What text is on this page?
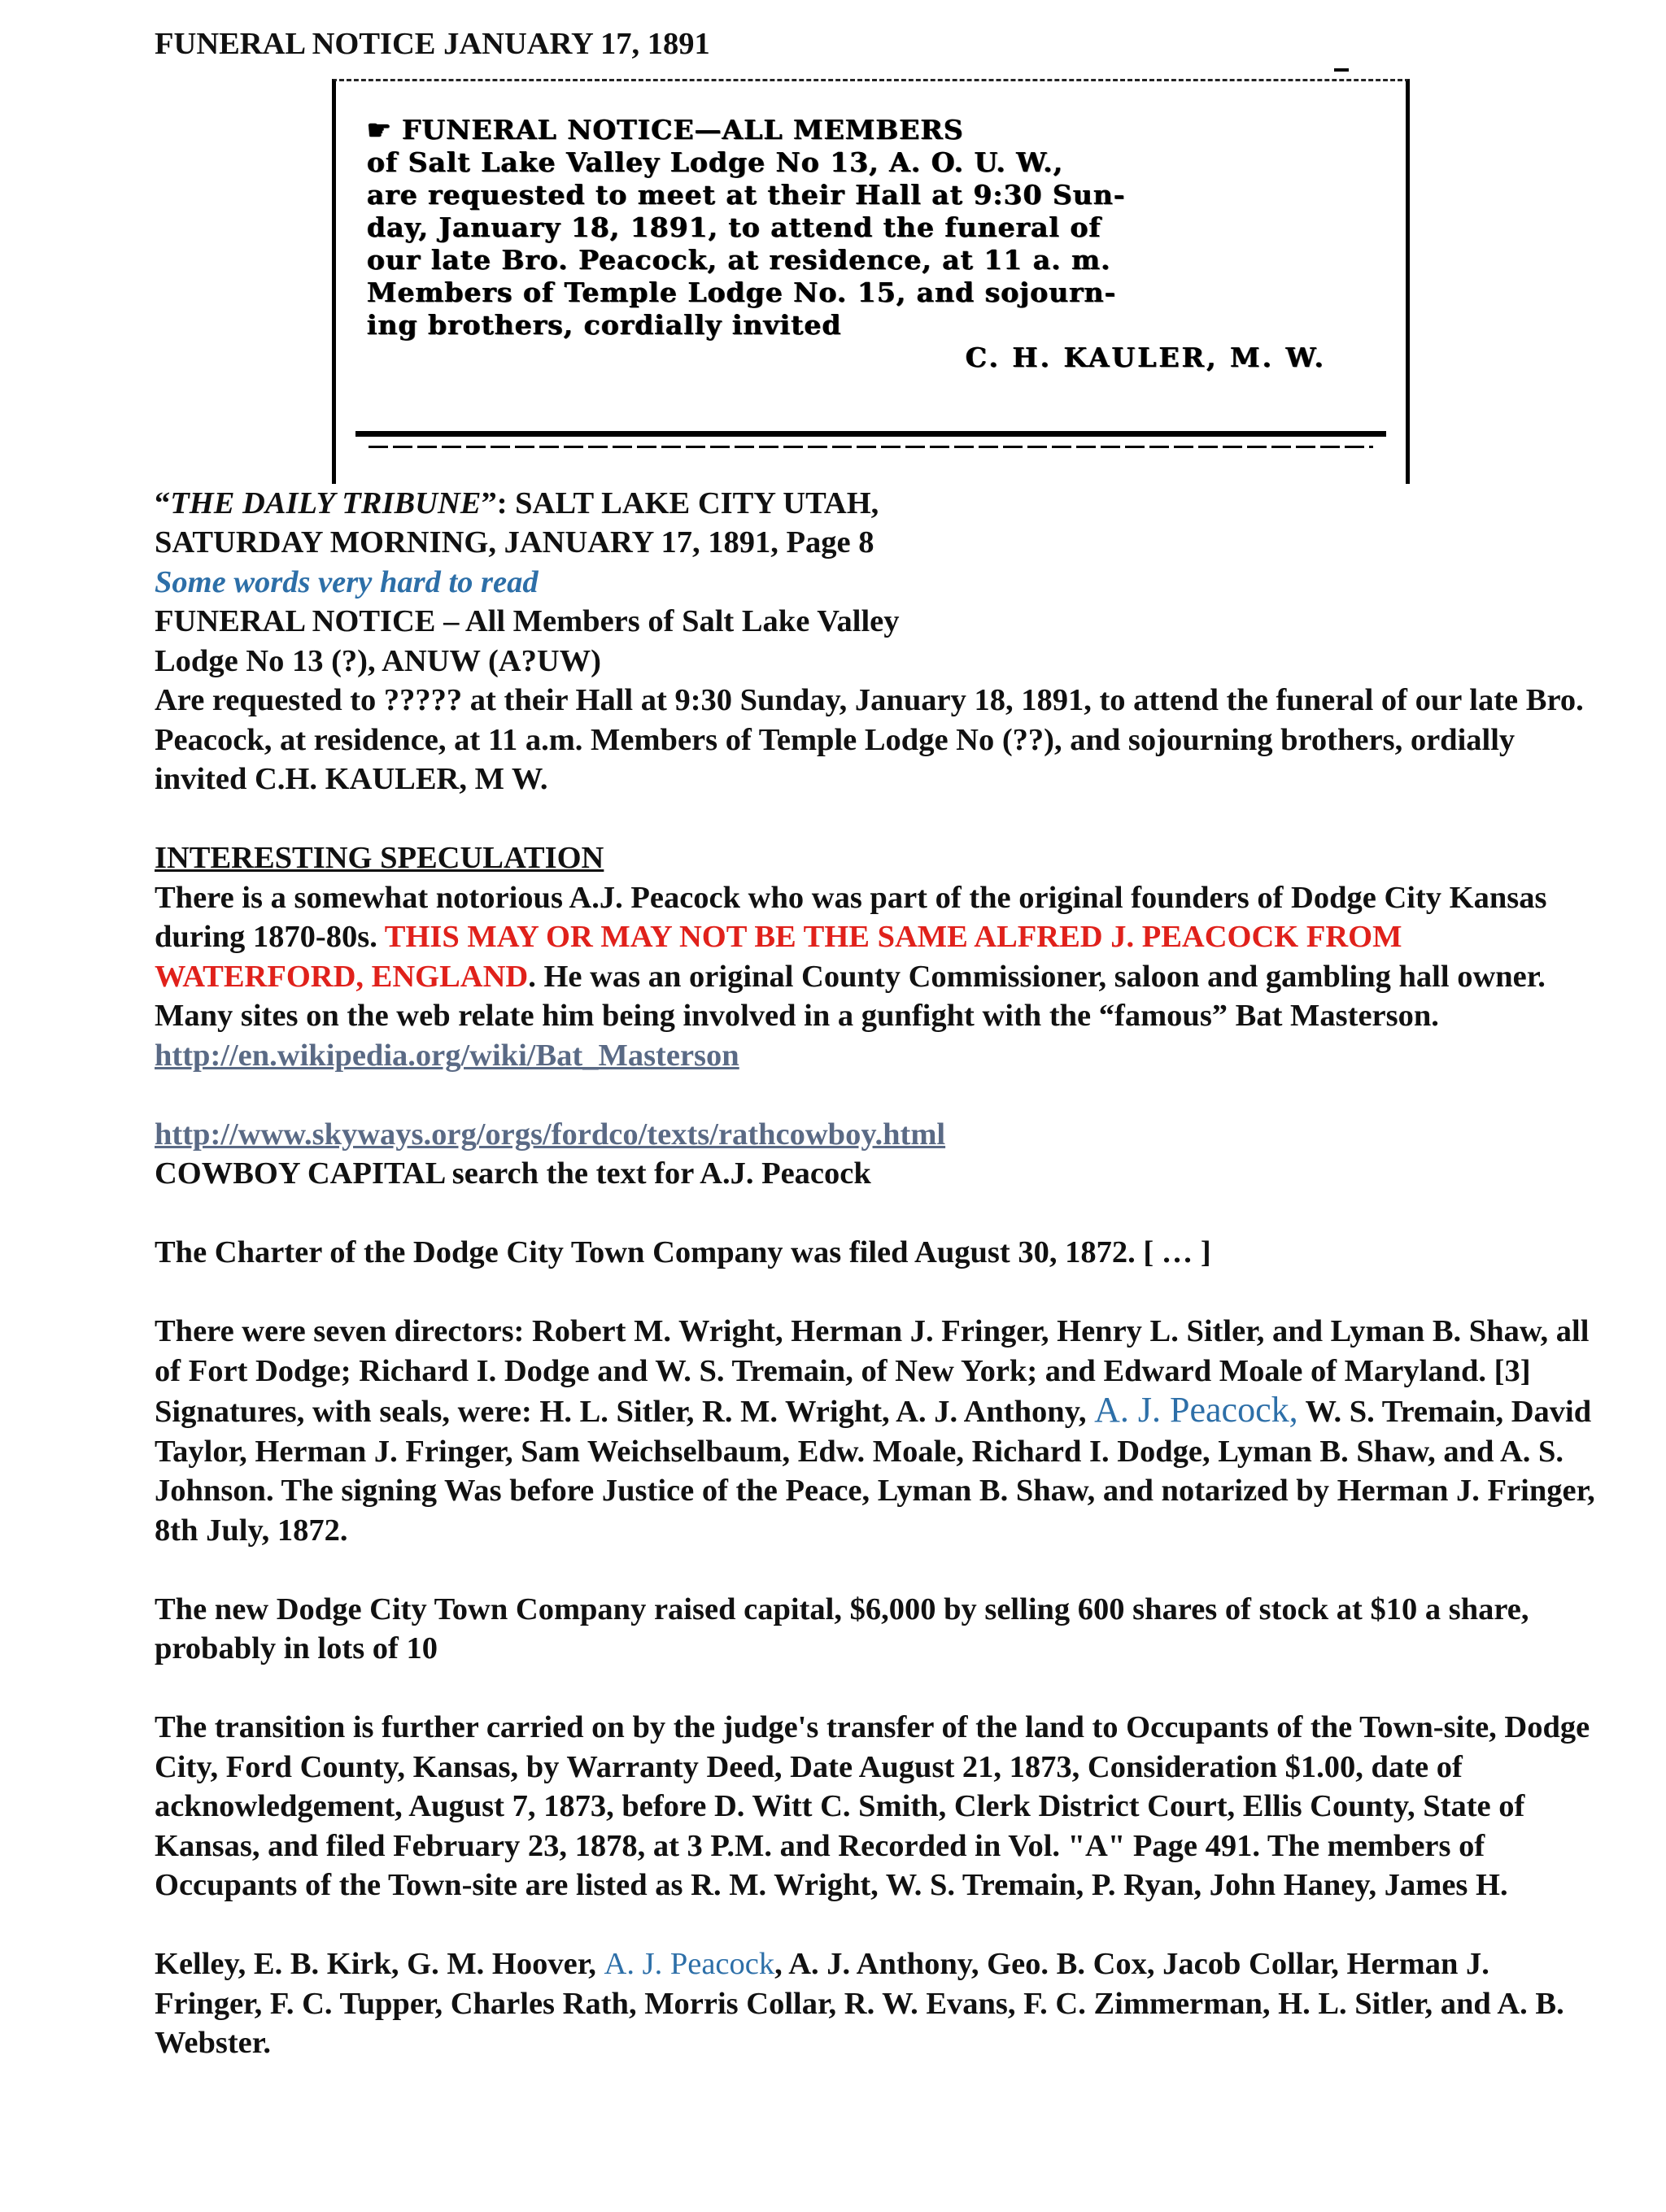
FUNERAL NOTICE JANUARY 17, 1891

☛ FUNERAL NOTICE—ALL MEMBERS
of Salt Lake Valley Lodge No 13, A. O. U. W.,
are requested to meet at their Hall at 9:30 Sun-
day, January 18, 1891, to attend the funeral of
our late Bro. Peacock, at residence, at 11 a. m.
Members of Temple Lodge No. 15, and sojourn-
ing brothers, cordially invited
C. H. KAULER, M. W.

“THE DAILY TRIBUNE”: SALT LAKE CITY UTAH,

SATURDAY MORNING, JANUARY 17, 1891, Page 8

Some words very hard to read

FUNERAL NOTICE – All Members of Salt Lake Valley

Lodge No 13 (?), ANUW (A?UW)

Are requested to ????? at their Hall at 9:30 Sunday, January 18, 1891, to attend the funeral of our late Bro. Peacock, at residence, at 11 a.m. Members of Temple Lodge No (??), and sojourning brothers, ordially invited C.H. KAULER, M W.

INTERESTING SPECULATION

There is a somewhat notorious A.J. Peacock who was part of the original founders of Dodge City Kansas during 1870-80s. THIS MAY OR MAY NOT BE THE SAME ALFRED J. PEACOCK FROM WATERFORD, ENGLAND. He was an original County Commissioner, saloon and gambling hall owner. Many sites on the web relate him being involved in a gunfight with the “famous” Bat Masterson.

http://en.wikipedia.org/wiki/Bat_Masterson

http://www.skyways.org/orgs/fordco/texts/rathcowboy.html

COWBOY CAPITAL search the text for A.J. Peacock

The Charter of the Dodge City Town Company was filed August 30, 1872. [ … ]

There were seven directors: Robert M. Wright, Herman J. Fringer, Henry L. Sitler, and Lyman B. Shaw, all of Fort Dodge; Richard I. Dodge and W. S. Tremain, of New York; and Edward Moale of Maryland. [3] Signatures, with seals, were: H. L. Sitler, R. M. Wright, A. J. Anthony, A. J. Peacock, W. S. Tremain, David Taylor, Herman J. Fringer, Sam Weichselbaum, Edw. Moale, Richard I. Dodge, Lyman B. Shaw, and A. S. Johnson. The signing Was before Justice of the Peace, Lyman B. Shaw, and notarized by Herman J. Fringer, 8th July, 1872.

The new Dodge City Town Company raised capital, $6,000 by selling 600 shares of stock at $10 a share, probably in lots of 10

The transition is further carried on by the judge's transfer of the land to Occupants of the Town-site, Dodge City, Ford County, Kansas, by Warranty Deed, Date August 21, 1873, Consideration $1.00, date of acknowledgement, August 7, 1873, before D. Witt C. Smith, Clerk District Court, Ellis County, State of Kansas, and filed February 23, 1878, at 3 P.M. and Recorded in Vol. "A" Page 491. The members of Occupants of the Town-site are listed as R. M. Wright, W. S. Tremain, P. Ryan, John Haney, James H.

Kelley, E. B. Kirk, G. M. Hoover, A. J. Peacock, A. J. Anthony, Geo. B. Cox, Jacob Collar, Herman J. Fringer, F. C. Tupper, Charles Rath, Morris Collar, R. W. Evans, F. C. Zimmerman, H. L. Sitler, and A. B. Webster.
